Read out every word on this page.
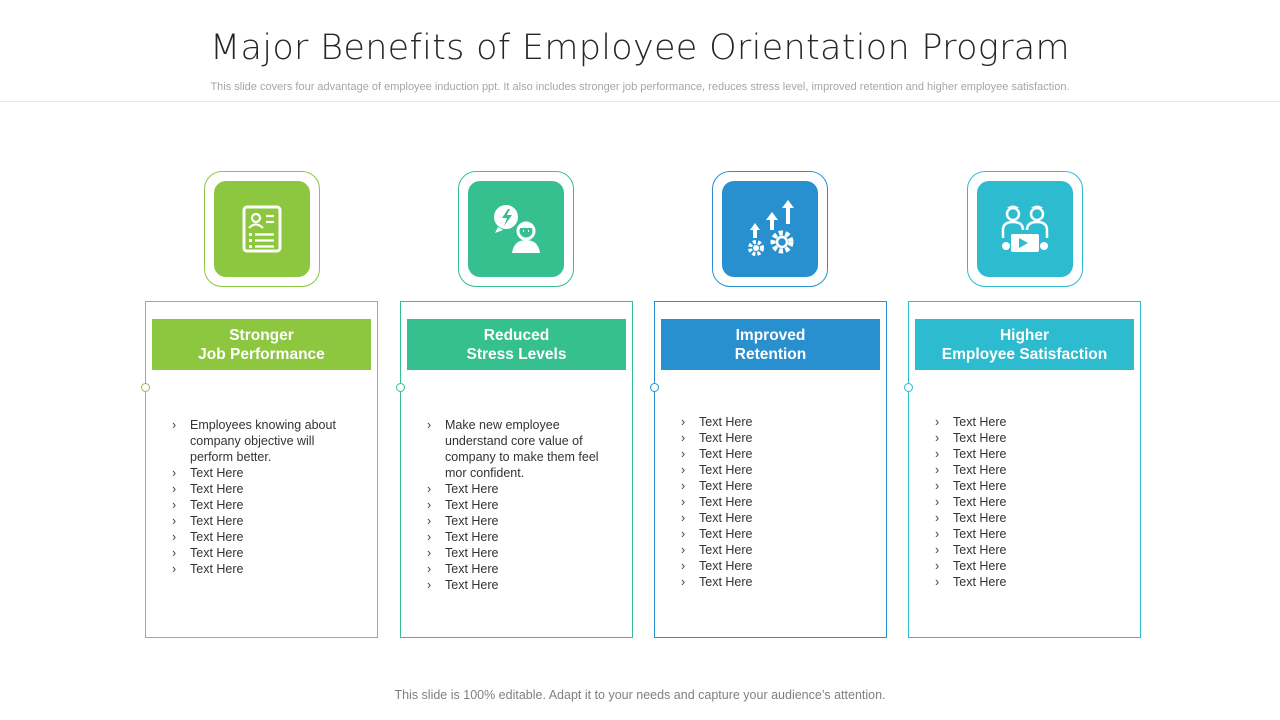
Major Benefits of Employee Orientation Program
This slide covers four advantage of employee induction ppt. It also includes stronger job performance, reduces stress level, improved retention and higher employee satisfaction.
Stronger
Job Performance
› Employees knowing about company objective will perform better.
› Text Here
› Text Here
› Text Here
› Text Here
› Text Here
› Text Here
› Text Here
Reduced
Stress Levels
› Make new employee understand core value of company to make them feel mor confident.
› Text Here
› Text Here
› Text Here
› Text Here
› Text Here
› Text Here
› Text Here
Improved
Retention
› Text Here
› Text Here
› Text Here
› Text Here
› Text Here
› Text Here
› Text Here
› Text Here
› Text Here
› Text Here
› Text Here
Higher
Employee Satisfaction
› Text Here
› Text Here
› Text Here
› Text Here
› Text Here
› Text Here
› Text Here
› Text Here
› Text Here
› Text Here
› Text Here
This slide is 100% editable. Adapt it to your needs and capture your audience’s attention.
